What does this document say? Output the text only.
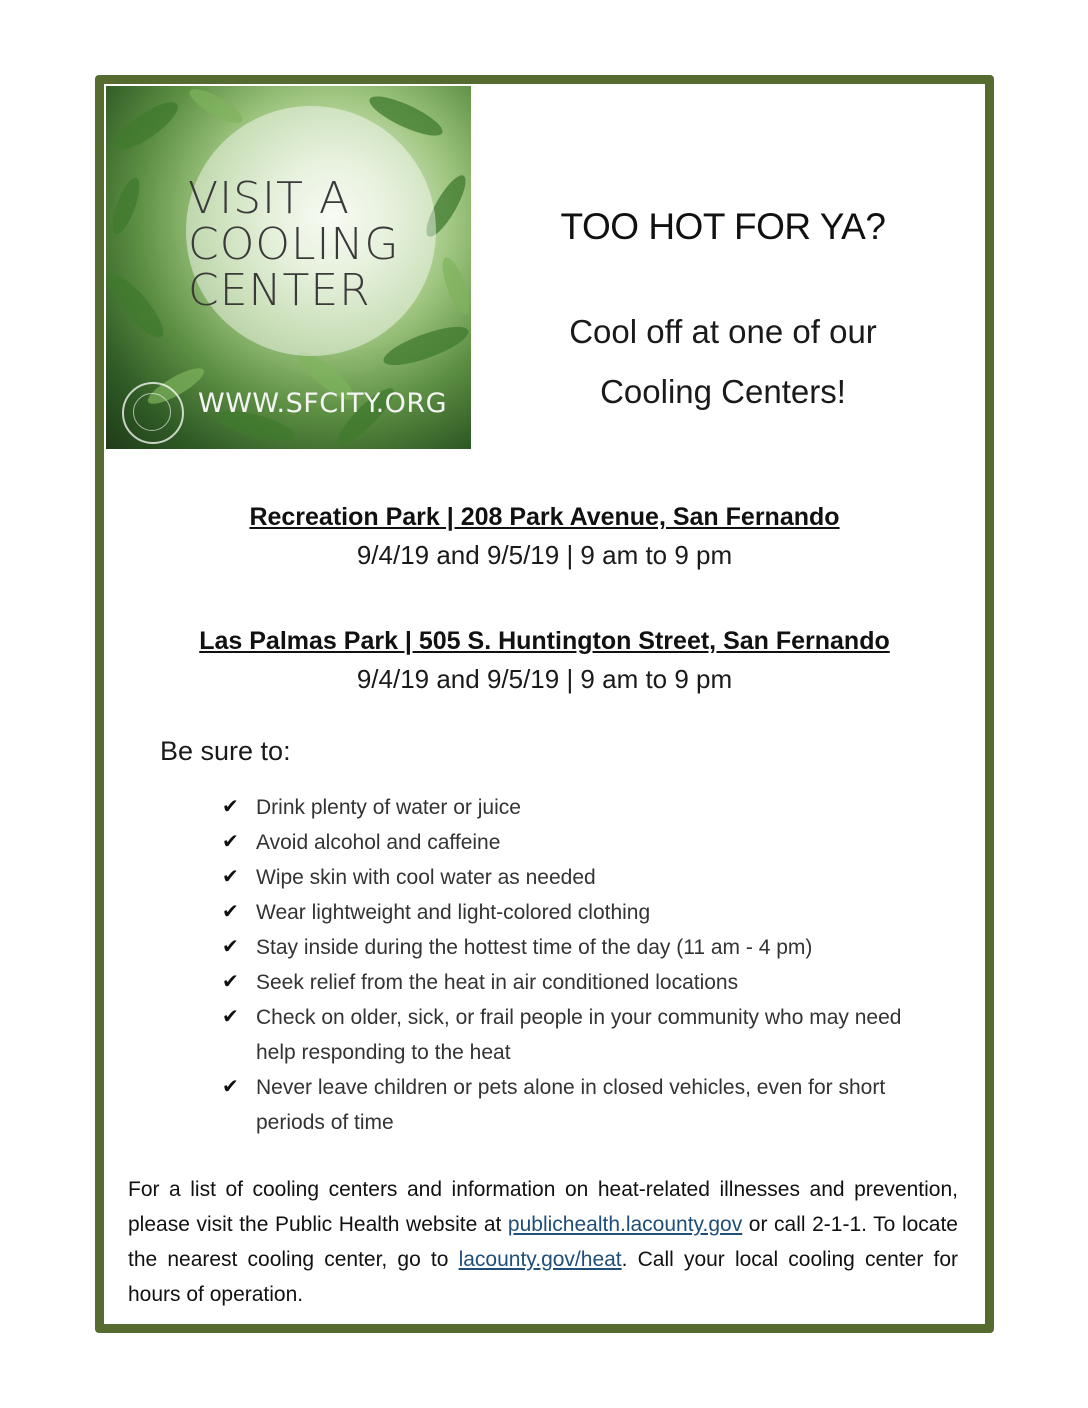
VISIT A
COOLING
CENTER
WWW.SFCITY.ORG
TOO HOT FOR YA?
Cool off at one of our
Cooling Centers!
Recreation Park | 208 Park Avenue, San Fernando
9/4/19 and 9/5/19 | 9 am to 9 pm
Las Palmas Park | 505 S. Huntington Street, San Fernando
9/4/19 and 9/5/19 | 9 am to 9 pm
Be sure to:
✔ Drink plenty of water or juice
✔ Avoid alcohol and caffeine
✔ Wipe skin with cool water as needed
✔ Wear lightweight and light-colored clothing
✔ Stay inside during the hottest time of the day (11 am - 4 pm)
✔ Seek relief from the heat in air conditioned locations
✔ Check on older, sick, or frail people in your community who may need help responding to the heat
✔ Never leave children or pets alone in closed vehicles, even for short periods of time
For a list of cooling centers and information on heat-related illnesses and prevention, please visit the Public Health website at publichealth.lacounty.gov or call 2-1-1. To locate the nearest cooling center, go to lacounty.gov/heat. Call your local cooling center for hours of operation.
